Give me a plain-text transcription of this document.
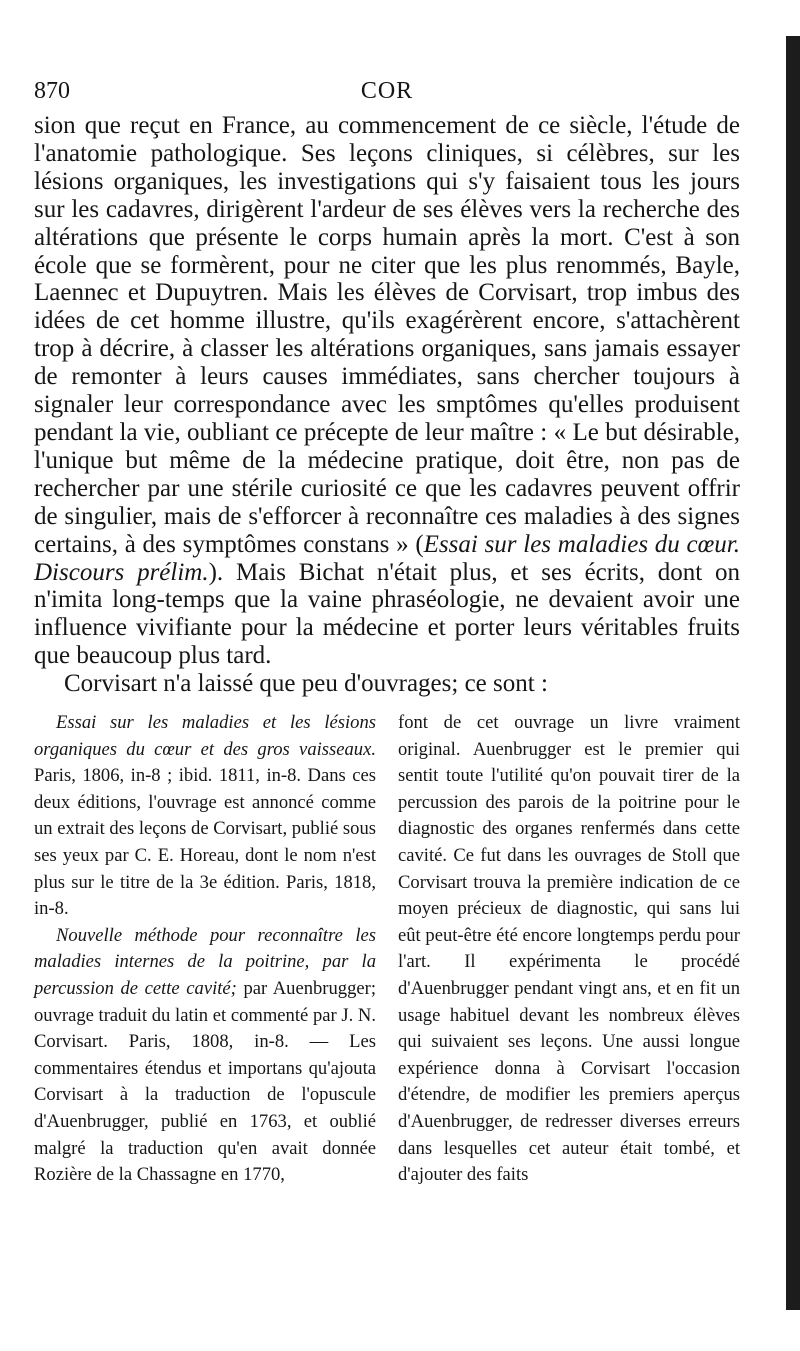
870	COR

sion que reçut en France, au commencement de ce siècle, l'étude de l'anatomie pathologique. Ses leçons cliniques, si célèbres, sur les lésions organiques, les investigations qui s'y faisaient tous les jours sur les cadavres, dirigèrent l'ardeur de ses élèves vers la recherche des altérations que présente le corps humain après la mort. C'est à son école que se formèrent, pour ne citer que les plus renommés, Bayle, Laennec et Dupuytren. Mais les élèves de Corvisart, trop imbus des idées de cet homme illustre, qu'ils exagérèrent encore, s'attachèrent trop à décrire, à classer les altérations organiques, sans jamais essayer de remonter à leurs causes immédiates, sans chercher toujours à signaler leur correspondance avec les smptômes qu'elles produisent pendant la vie, oubliant ce précepte de leur maître : « Le but désirable, l'unique but même de la médecine pratique, doit être, non pas de rechercher par une stérile curiosité ce que les cadavres peuvent offrir de singulier, mais de s'efforcer à reconnaître ces maladies à des signes certains, à des symptômes constans » (Essai sur les maladies du cœur. Discours prélim.). Mais Bichat n'était plus, et ses écrits, dont on n'imita long-temps que la vaine phraséologie, ne devaient avoir une influence vivifiante pour la médecine et porter leurs véritables fruits que beaucoup plus tard.

Corvisart n'a laissé que peu d'ouvrages; ce sont :

Essai sur les maladies et les lésions organiques du cœur et des gros vaisseaux. Paris, 1806, in-8 ; ibid. 1811, in-8. Dans ces deux éditions, l'ouvrage est annoncé comme un extrait des leçons de Corvisart, publié sous ses yeux par C. E. Horeau, dont le nom n'est plus sur le titre de la 3e édition. Paris, 1818, in-8.

Nouvelle méthode pour reconnaître les maladies internes de la poitrine, par la percussion de cette cavité; par Auenbrugger; ouvrage traduit du latin et commenté par J. N. Corvisart. Paris, 1808, in-8. — Les commentaires étendus et importans qu'ajouta Corvisart à la traduction de l'opuscule d'Auenbrugger, publié en 1763, et oublié malgré la traduction qu'en avait donnée Rozière de la Chassagne en 1770,

font de cet ouvrage un livre vraiment original. Auenbrugger est le premier qui sentit toute l'utilité qu'on pouvait tirer de la percussion des parois de la poitrine pour le diagnostic des organes renfermés dans cette cavité. Ce fut dans les ouvrages de Stoll que Corvisart trouva la première indication de ce moyen précieux de diagnostic, qui sans lui eût peut-être été encore longtemps perdu pour l'art. Il expérimenta le procédé d'Auenbrugger pendant vingt ans, et en fit un usage habituel devant les nombreux élèves qui suivaient ses leçons. Une aussi longue expérience donna à Corvisart l'occasion d'étendre, de modifier les premiers aperçus d'Auenbrugger, de redresser diverses erreurs dans lesquelles cet auteur était tombé, et d'ajouter des faits
